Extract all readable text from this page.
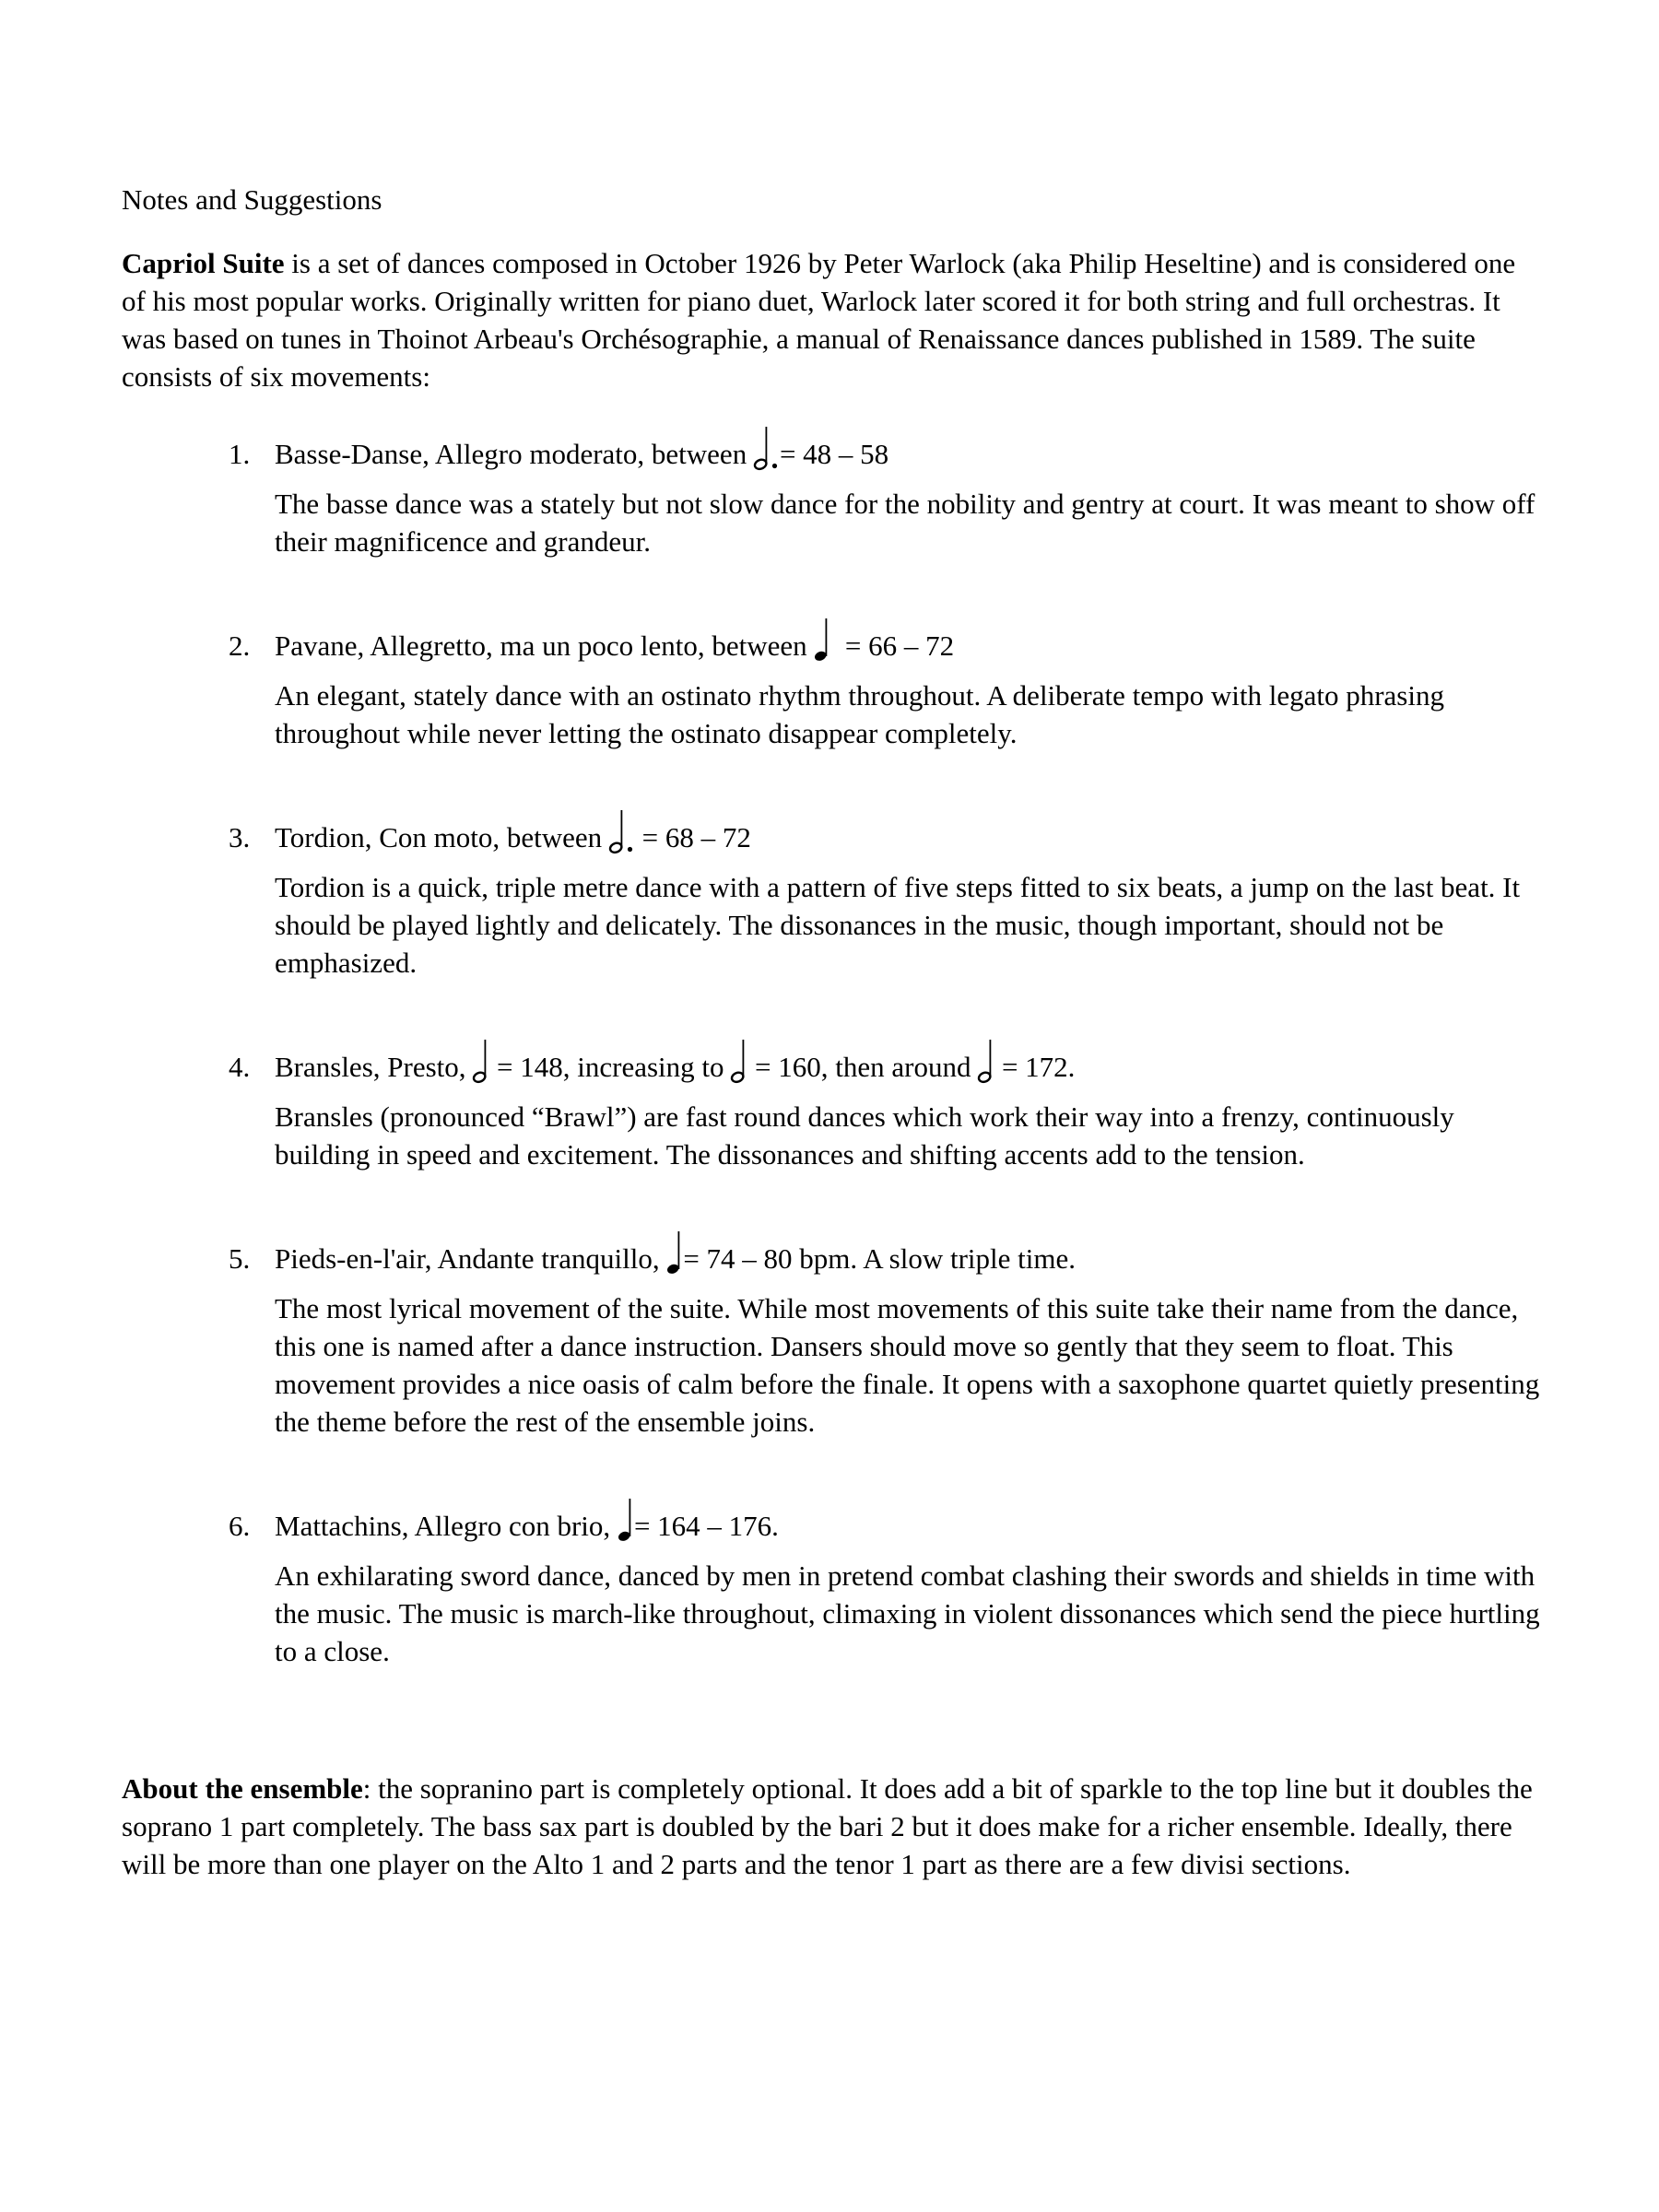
Notes and Suggestions

Capriol Suite is a set of dances composed in October 1926 by Peter Warlock (aka Philip Heseltine) and is considered one of his most popular works. Originally written for piano duet, Warlock later scored it for both string and full orchestras. It was based on tunes in Thoinot Arbeau's Orchésographie, a manual of Renaissance dances published in 1589. The suite consists of six movements:

1. Basse-Danse, Allegro moderato, between
= 48 – 58
The basse dance was a stately but not slow dance for the nobility and gentry at court. It was meant to show off their magnificence and grandeur.
2. Pavane, Allegretto, ma un poco lento, between
= 66 – 72
An elegant, stately dance with an ostinato rhythm throughout. A deliberate tempo with legato phrasing throughout while never letting the ostinato disappear completely.
3. Tordion, Con moto, between
= 68 – 72
Tordion is a quick, triple metre dance with a pattern of five steps fitted to six beats, a jump on the last beat. It should be played lightly and delicately. The dissonances in the music, though important, should not be emphasized.
4. Bransles, Presto,
= 148, increasing to
= 160, then around
= 172.
Bransles (pronounced “Brawl”) are fast round dances which work their way into a frenzy, continuously building in speed and excitement. The dissonances and shifting accents add to the tension.
5. Pieds-en-l'air, Andante tranquillo,
= 74 – 80 bpm. A slow triple time.
The most lyrical movement of the suite. While most movements of this suite take their name from the dance, this one is named after a dance instruction. Dansers should move so gently that they seem to float. This movement provides a nice oasis of calm before the finale. It opens with a saxophone quartet quietly presenting the theme before the rest of the ensemble joins.
6. Mattachins, Allegro con brio,
= 164 – 176.
An exhilarating sword dance, danced by men in pretend combat clashing their swords and shields in time with the music. The music is march-like throughout, climaxing in violent dissonances which send the piece hurtling to a close.

About the ensemble: the sopranino part is completely optional. It does add a bit of sparkle to the top line but it doubles the soprano 1 part completely. The bass sax part is doubled by the bari 2 but it does make for a richer ensemble. Ideally, there will be more than one player on the Alto 1 and 2 parts and the tenor 1 part as there are a few divisi sections.
